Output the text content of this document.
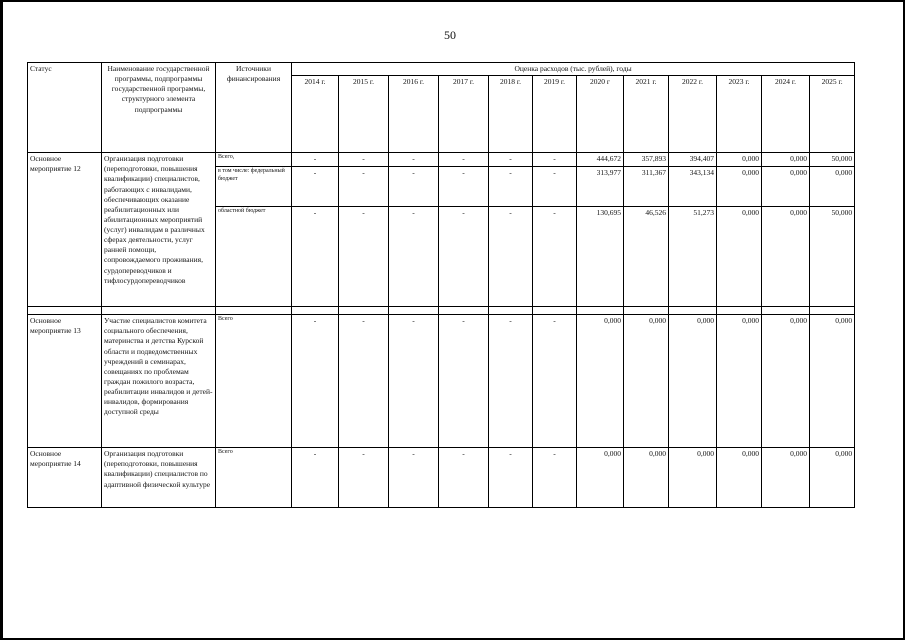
50
Статус	Наименование государственной программы, подпрограммы государственной программы, структурного элемента подпрограммы	Источники финансирования	Оценка расходов (тыс. рублей), годы											
			2014 г.	2015 г.	2016 г.	2017 г.	2018 г.	2019 г.	2020 г	2021 г.	2022 г.	2023 г.	2024 г.	2025 г.
Основное мероприятие 12	Организация подготовки (переподготовки, повышения квалификации) специалистов, работающих с инвалидами, обеспечивающих оказание реабилитационных или абилитационных мероприятий (услуг) инвалидам в различных сферах деятельности, услуг ранней помощи, сопровождаемого проживания, сурдопереводчиков и тифлосурдопереводчиков	Всего,	-	-	-	-	-	-	444,672	357,893	394,407	0,000	0,000	50,000
		в том числе: федеральный бюджет	-	-	-	-	-	-	313,977	311,367	343,134	0,000	0,000	0,000
		областной бюджет	-	-	-	-	-	-	130,695	46,526	51,273	0,000	0,000	50,000

Основное мероприятие 13	Участие специалистов комитета социального обеспечения, материнства и детства Курской области и подведомственных учреждений в семинарах, совещаниях по проблемам граждан пожилого возраста, реабилитации инвалидов и детей-инвалидов, формирования доступной среды	Всего	-	-	-	-	-	-	0,000	0,000	0,000	0,000	0,000	0,000
Основное мероприятие 14	Организация подготовки (переподготовки, повышения квалификации) специалистов по адаптивной физической культуре	Всего	-	-	-	-	-	-	0,000	0,000	0,000	0,000	0,000	0,000
